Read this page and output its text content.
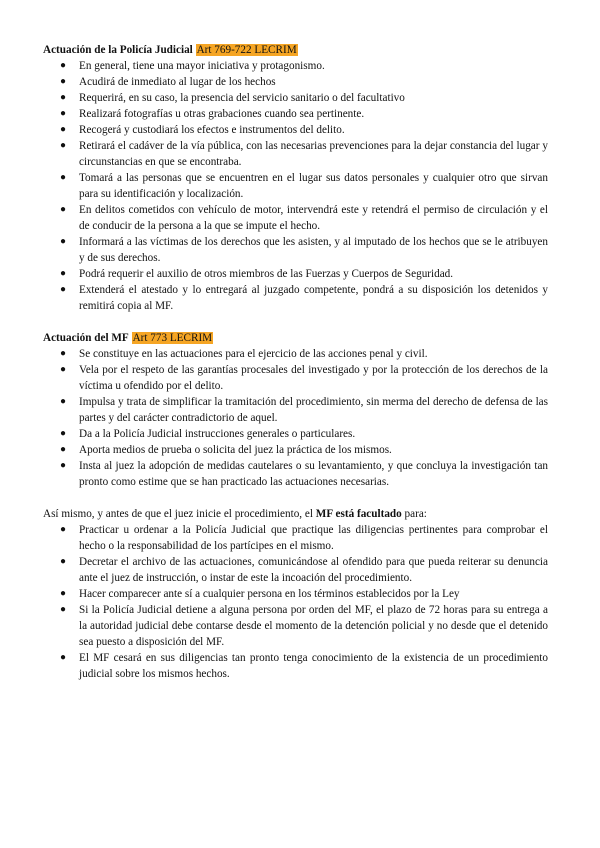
Actuación de la Policía Judicial Art 769-722 LECRIM
● En general, tiene una mayor iniciativa y protagonismo.
● Acudirá de inmediato al lugar de los hechos
● Requerirá, en su caso, la presencia del servicio sanitario o del facultativo
● Realizará fotografías u otras grabaciones cuando sea pertinente.
● Recogerá y custodiará los efectos e instrumentos del delito.
● Retirará el cadáver de la vía pública, con las necesarias prevenciones para la dejar constancia del lugar y circunstancias en que se encontraba.
● Tomará a las personas que se encuentren en el lugar sus datos personales y cualquier otro que sirvan para su identificación y localización.
● En delitos cometidos con vehículo de motor, intervendrá este y retendrá el permiso de circulación y el de conducir de la persona a la que se impute el hecho.
● Informará a las víctimas de los derechos que les asisten, y al imputado de los hechos que se le atribuyen y de sus derechos.
● Podrá requerir el auxilio de otros miembros de las Fuerzas y Cuerpos de Seguridad.
● Extenderá el atestado y lo entregará al juzgado competente, pondrá a su disposición los detenidos y remitirá copia al MF.
Actuación del MF Art 773 LECRIM
● Se constituye en las actuaciones para el ejercicio de las acciones penal y civil.
● Vela por el respeto de las garantías procesales del investigado y por la protección de los derechos de la víctima u ofendido por el delito.
● Impulsa y trata de simplificar la tramitación del procedimiento, sin merma del derecho de defensa de las partes y del carácter contradictorio de aquel.
● Da a la Policía Judicial instrucciones generales o particulares.
● Aporta medios de prueba o solicita del juez la práctica de los mismos.
● Insta al juez la adopción de medidas cautelares o su levantamiento, y que concluya la investigación tan pronto como estime que se han practicado las actuaciones necesarias.

Así mismo, y antes de que el juez inicie el procedimiento, el MF está facultado para:

● Practicar u ordenar a la Policía Judicial que practique las diligencias pertinentes para comprobar el hecho o la responsabilidad de los partícipes en el mismo.
● Decretar el archivo de las actuaciones, comunicándose al ofendido para que pueda reiterar su denuncia ante el juez de instrucción, o instar de este la incoación del procedimiento.
● Hacer comparecer ante sí a cualquier persona en los términos establecidos por la Ley
● Si la Policía Judicial detiene a alguna persona por orden del MF, el plazo de 72 horas para su entrega a la autoridad judicial debe contarse desde el momento de la detención policial y no desde que el detenido sea puesto a disposición del MF.
● El MF cesará en sus diligencias tan pronto tenga conocimiento de la existencia de un procedimiento judicial sobre los mismos hechos.
